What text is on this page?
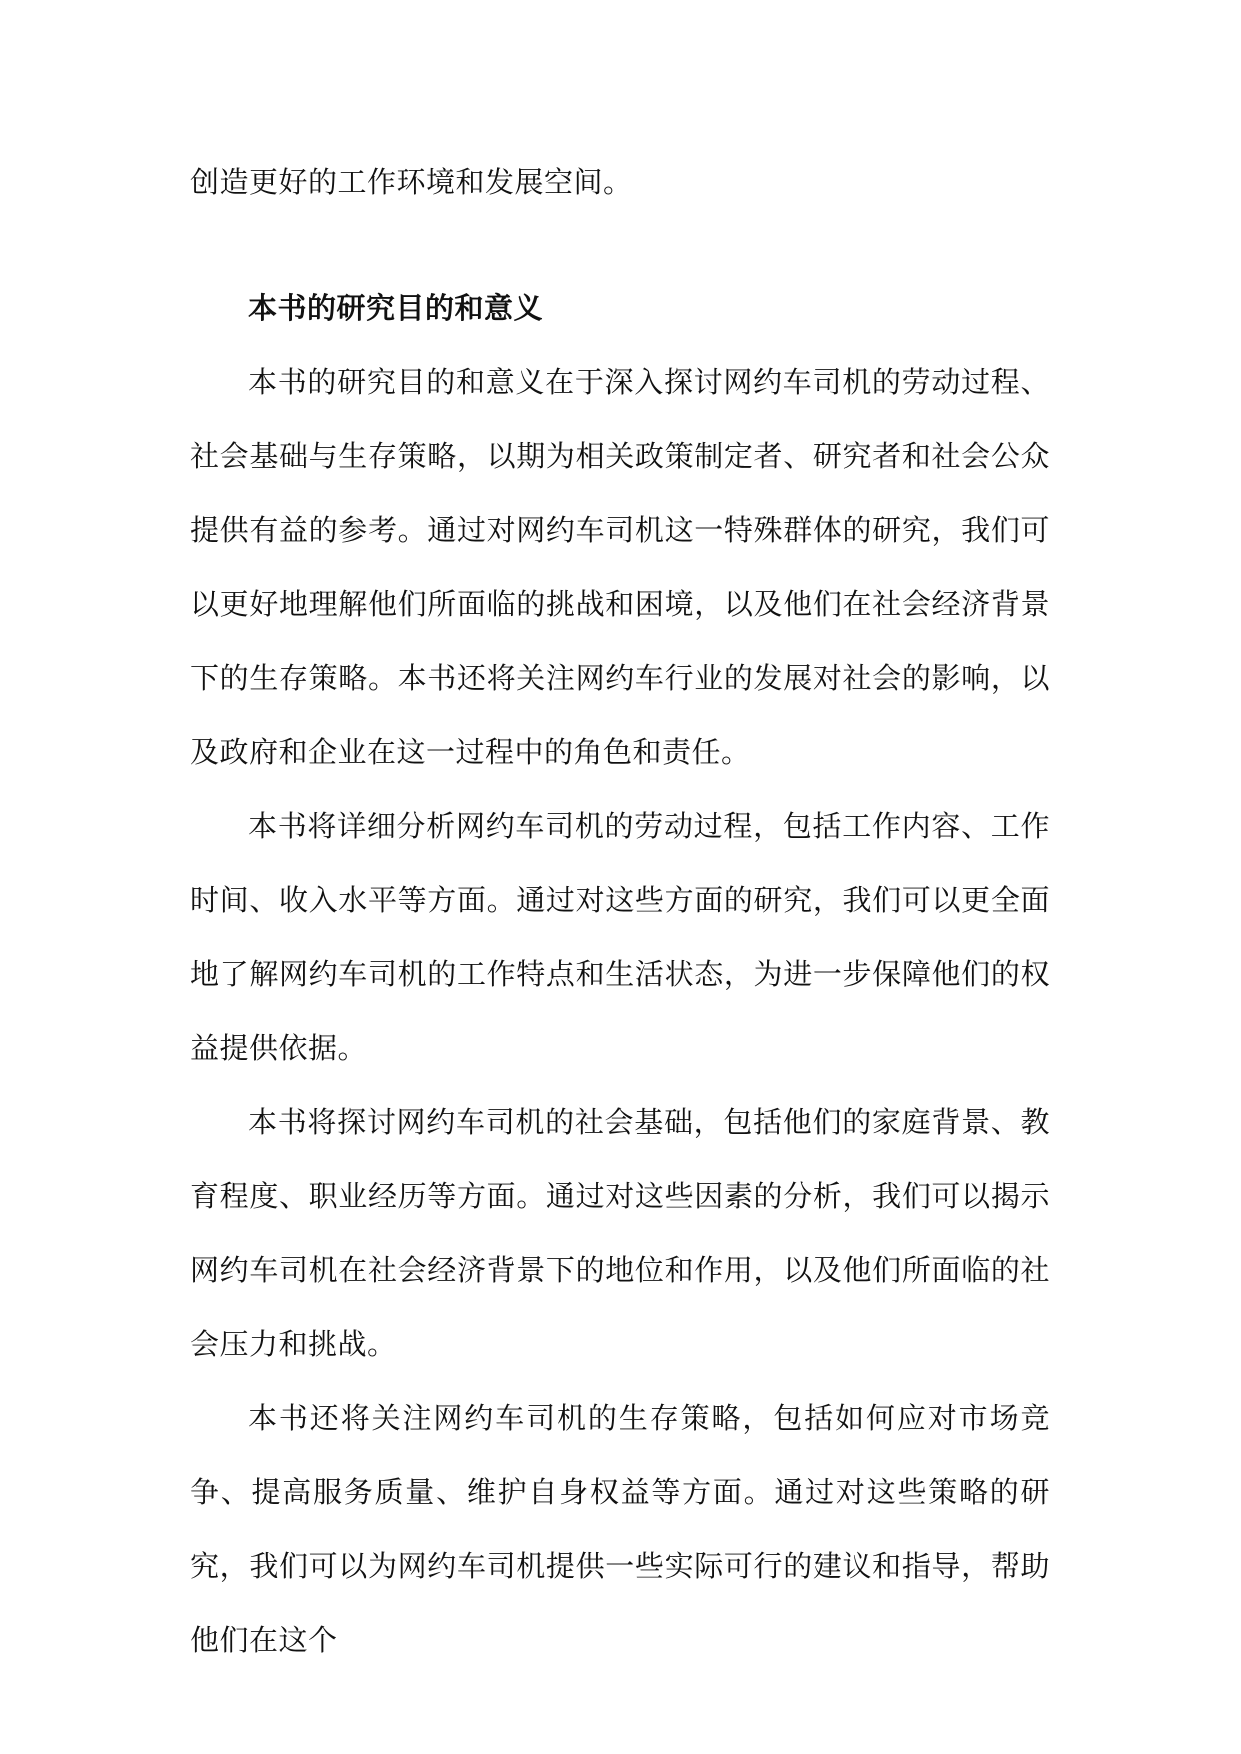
创造更好的工作环境和发展空间。

本书的研究目的和意义

本书的研究目的和意义在于深入探讨网约车司机的劳动过程、社会基础与生存策略，以期为相关政策制定者、研究者和社会公众提供有益的参考。通过对网约车司机这一特殊群体的研究，我们可以更好地理解他们所面临的挑战和困境，以及他们在社会经济背景下的生存策略。本书还将关注网约车行业的发展对社会的影响，以及政府和企业在这一过程中的角色和责任。

本书将详细分析网约车司机的劳动过程，包括工作内容、工作时间、收入水平等方面。通过对这些方面的研究，我们可以更全面地了解网约车司机的工作特点和生活状态，为进一步保障他们的权益提供依据。

本书将探讨网约车司机的社会基础，包括他们的家庭背景、教育程度、职业经历等方面。通过对这些因素的分析，我们可以揭示网约车司机在社会经济背景下的地位和作用，以及他们所面临的社会压力和挑战。

本书还将关注网约车司机的生存策略，包括如何应对市场竞争、提高服务质量、维护自身权益等方面。通过对这些策略的研究，我们可以为网约车司机提供一些实际可行的建议和指导，帮助他们在这个
